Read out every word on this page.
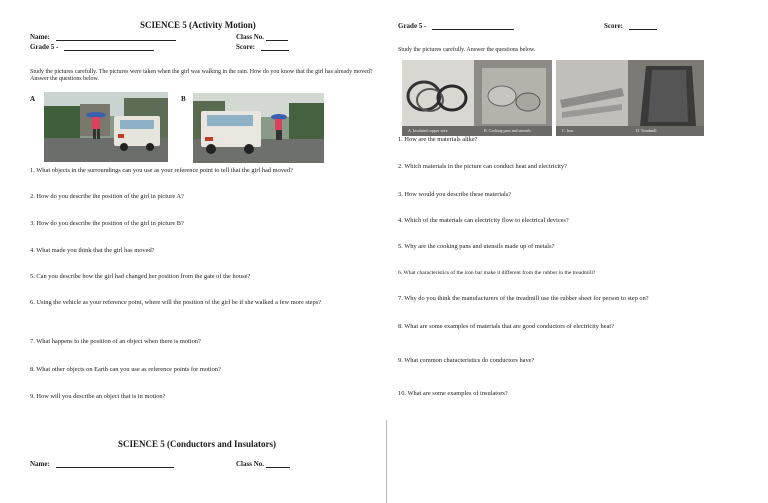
SCIENCE 5 (Activity Motion)
Name:	Class No.
Grade 5 -	Score:
Study the pictures carefully. The pictures were taken when the girl was walking in the rain. How do you know that the girl has already moved? Answer the questions below.
A	B
1. What objects in the surroundings can you use as your reference point to tell that the girl had moved?
2. How do you describe the position of the girl in picture A?
3. How do you describe the position of the girl in picture B?
4. What made you think that the girl has moved?
5. Can you describe how the girl had changed her position from the gate of the house?
6. Using the vehicle as your reference point, where will the position of the girl be if she walked a few more steps?
7. What happens to the position of an object when there is motion?
8. What other objects on Earth can you use as reference points for motion?
9. How will you describe an object that is in motion?
SCIENCE 5 (Conductors and Insulators)
Name:	Class No.
Grade 5 -	Score:
Study the pictures carefully. Answer the questions below.
A. Insulated copper wire	B. Cooking pans and utensils	C. Iron	D. Treadmill
1. How are the materials alike?
2. Which materials in the picture can conduct heat and electricity?
3. How would you describe these materials?
4. Which of the materials can electricity flow to electrical devices?
5. Why are the cooking pans and utensils made up of metals?
6. What characteristics of the iron bar make it different from the rubber in the treadmill?
7. Why do you think the manufacturers of the treadmill use the rubber sheet for person to step on?
8. What are some examples of materials that are good conductors of electricity heat?
9. What common characteristics do conductors have?
10. What are some examples of insulators?
